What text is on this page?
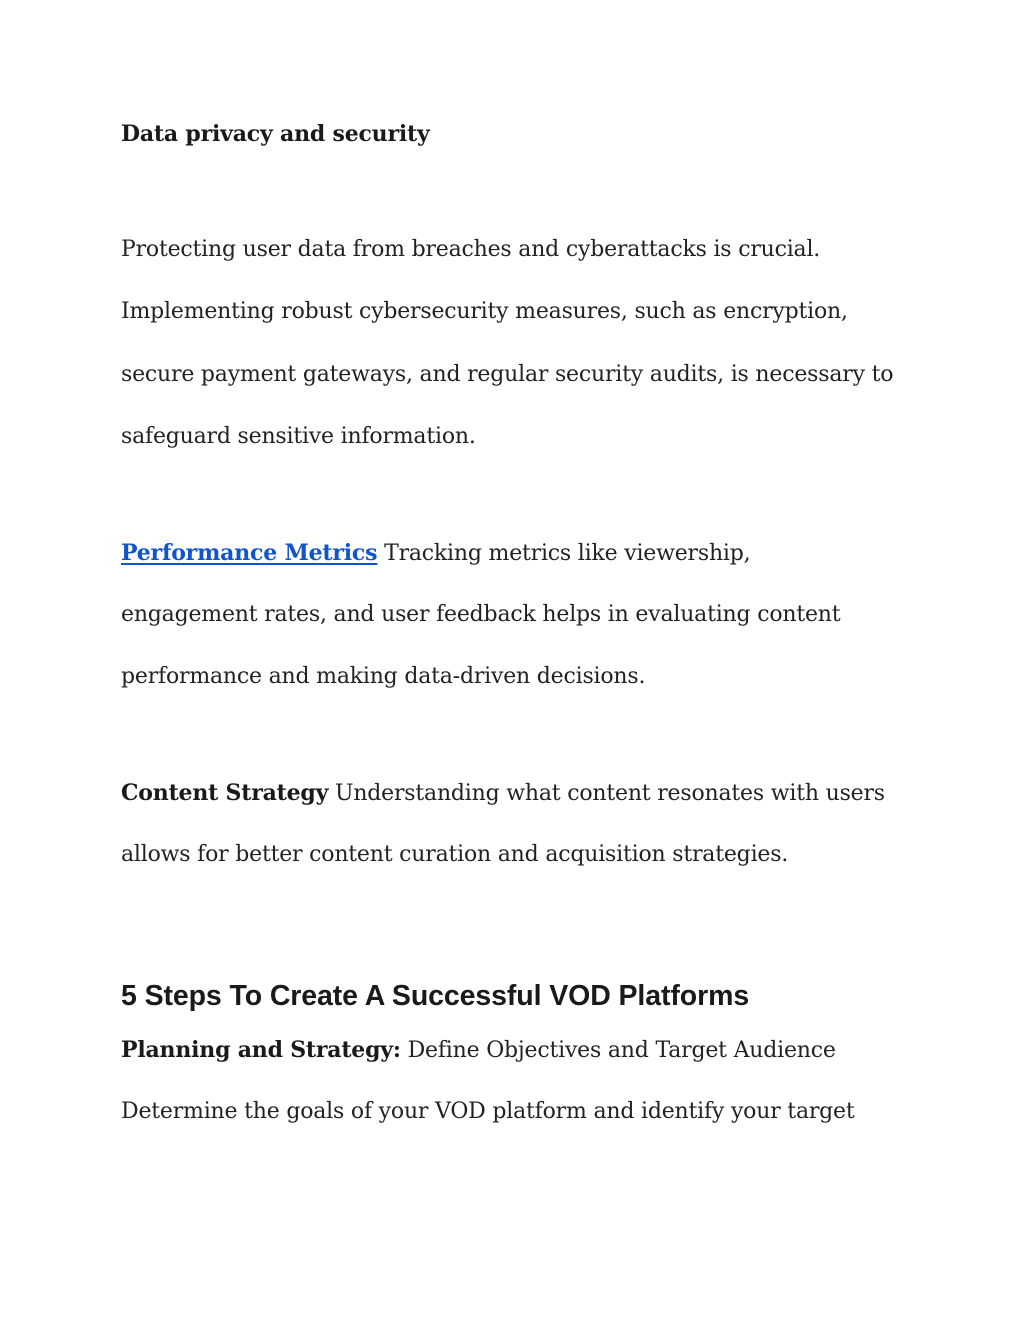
Data privacy and security
Protecting user data from breaches and cyberattacks is crucial.
Implementing robust cybersecurity measures, such as encryption,
secure payment gateways, and regular security audits, is necessary to
safeguard sensitive information.
Performance Metrics Tracking metrics like viewership,
engagement rates, and user feedback helps in evaluating content
performance and making data-driven decisions.
Content Strategy Understanding what content resonates with users
allows for better content curation and acquisition strategies.
5 Steps To Create A Successful VOD Platforms
Planning and Strategy: Define Objectives and Target Audience
Determine the goals of your VOD platform and identify your target
